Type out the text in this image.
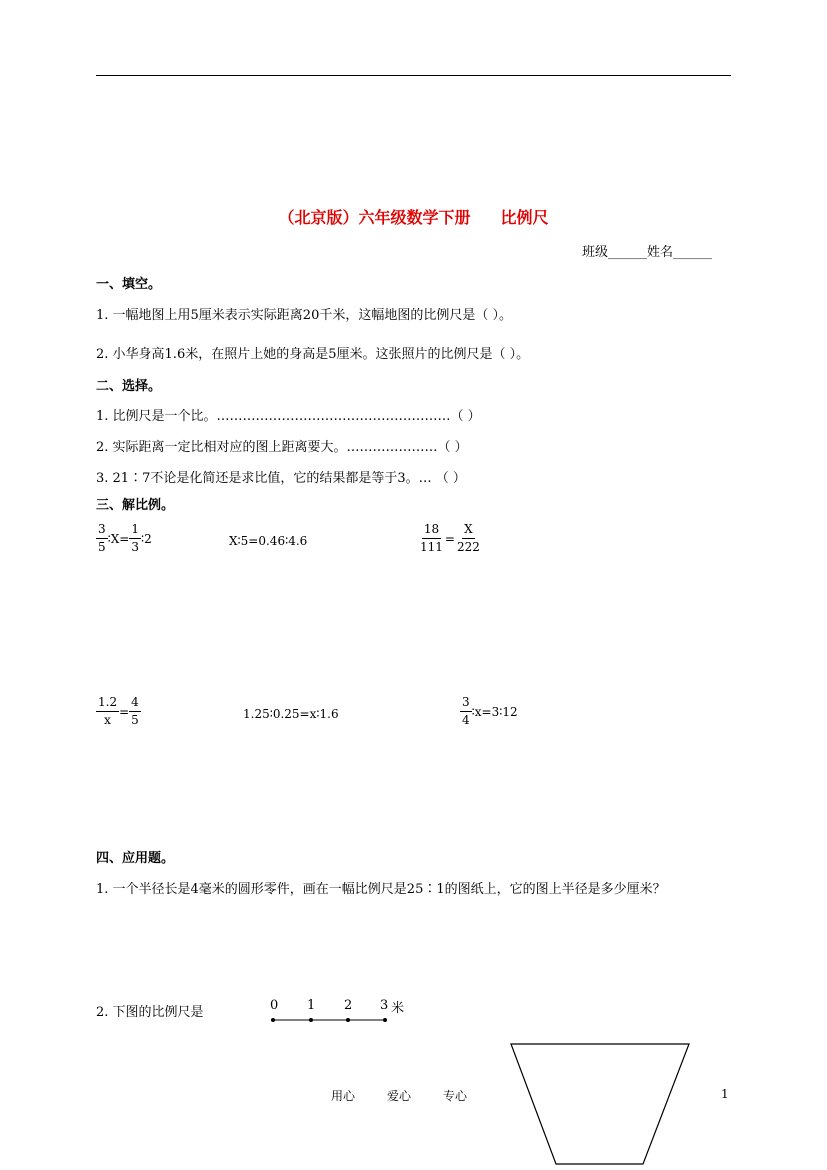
（北京版）六年级数学下册 比例尺
班级______姓名______
一、填空。
1. 一幅地图上用5厘米表示实际距离20千米，这幅地图的比例尺是（ ）。
2. 小华身高1.6米，在照片上她的身高是5厘米。这张照片的比例尺是（ ）。
二、选择。
1. 比例尺是一个比。………………………………………………（ ）
2. 实际距离一定比相对应的图上距离要大。…………………（ ）
3. 21∶7不论是化简还是求比值，它的结果都是等于3。… （ ）
三、解比例。
$\frac{3}{5}$ ∶X= $\frac{1}{3}$ ∶2	X∶5=0.46∶4.6	$\frac{18}{111} = \frac{X}{222}$
$\frac{1.2}{x} = \frac{4}{5}$	1.25∶0.25=x∶1.6	$\frac{3}{4}$ ∶x=3∶12
四、应用题。
1. 一个半径长是4毫米的圆形零件，画在一幅比例尺是25∶1的图纸上，它的图上半径是多少厘米？
2. 下图的比例尺是	0 1 2 3 米
用心	爱心	专心	1
